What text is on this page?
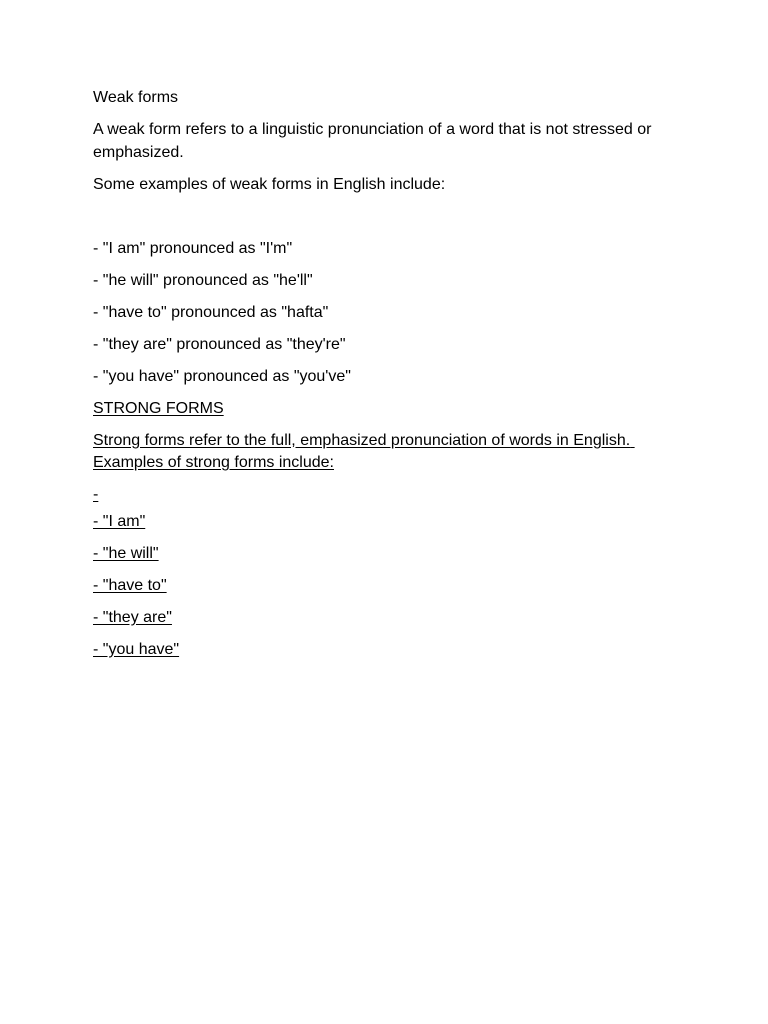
Weak forms

A weak form refers to a linguistic pronunciation of a word that is not stressed or emphasized.

Some examples of weak forms in English include:

- "I am" pronounced as "I'm"

- "he will" pronounced as "he'll"

- "have to" pronounced as "hafta"

- "they are" pronounced as "they're"

- "you have" pronounced as "you've"

STRONG FORMS

Strong forms refer to the full, emphasized pronunciation of words in English. Examples of strong forms include:

-

- "I am"

- "he will"

- "have to"

- "they are"

- "you have"
